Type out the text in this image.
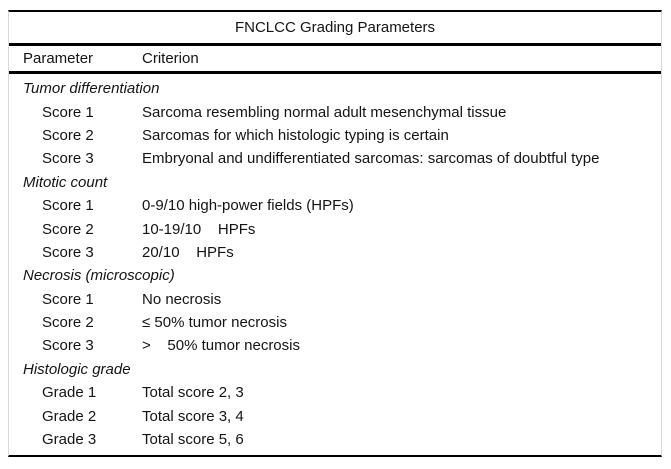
FNCLCC Grading Parameters
Parameter	Criterion
Tumor differentiation
Score 1	Sarcoma resembling normal adult mesenchymal tissue
Score 2	Sarcomas for which histologic typing is certain
Score 3	Embryonal and undifferentiated sarcomas: sarcomas of doubtful type
Mitotic count
Score 1	0-9/10 high-power fields (HPFs)
Score 2	10-19/10    HPFs
Score 3	20/10    HPFs
Necrosis (microscopic)
Score 1	No necrosis
Score 2	≤ 50% tumor necrosis
Score 3	>    50% tumor necrosis
Histologic grade
Grade 1	Total score 2, 3
Grade 2	Total score 3, 4
Grade 3	Total score 5, 6
